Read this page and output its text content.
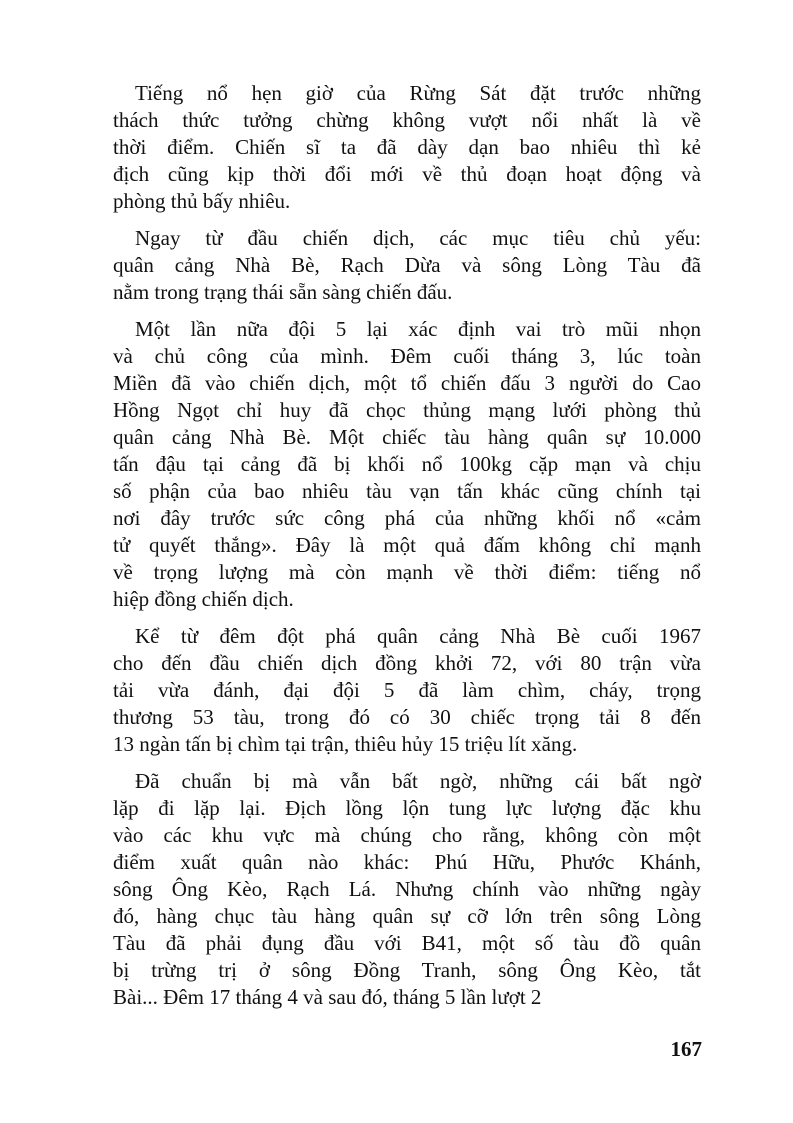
Tiếng nổ hẹn giờ của Rừng Sát đặt trước những
thách thức tưởng chừng không vượt nổi nhất là về
thời điểm. Chiến sĩ ta đã dày dạn bao nhiêu thì kẻ
địch cũng kịp thời đổi mới về thủ đoạn hoạt động và
phòng thủ bấy nhiêu.
Ngay từ đầu chiến dịch, các mục tiêu chủ yếu:
quân cảng Nhà Bè, Rạch Dừa và sông Lòng Tàu đã
nằm trong trạng thái sẵn sàng chiến đấu.
Một lần nữa đội 5 lại xác định vai trò mũi nhọn
và chủ công của mình. Đêm cuối tháng 3, lúc toàn
Miền đã vào chiến dịch, một tổ chiến đấu 3 người do Cao
Hồng Ngọt chỉ huy đã chọc thủng mạng lưới phòng thủ
quân cảng Nhà Bè. Một chiếc tàu hàng quân sự 10.000
tấn đậu tại cảng đã bị khối nổ 100kg cặp mạn và chịu
số phận của bao nhiêu tàu vạn tấn khác cũng chính tại
nơi đây trước sức công phá của những khối nổ «cảm
tử quyết thắng». Đây là một quả đấm không chỉ mạnh
về trọng lượng mà còn mạnh về thời điểm: tiếng nổ
hiệp đồng chiến dịch.
Kể từ đêm đột phá quân cảng Nhà Bè cuối 1967
cho đến đầu chiến dịch đồng khởi 72, với 80 trận vừa
tải vừa đánh, đại đội 5 đã làm chìm, cháy, trọng
thương 53 tàu, trong đó có 30 chiếc trọng tải 8 đến
13 ngàn tấn bị chìm tại trận, thiêu hủy 15 triệu lít xăng.
Đã chuẩn bị mà vẫn bất ngờ, những cái bất ngờ
lặp đi lặp lại. Địch lồng lộn tung lực lượng đặc khu
vào các khu vực mà chúng cho rằng, không còn một
điểm xuất quân nào khác: Phú Hữu, Phước Khánh,
sông Ông Kèo, Rạch Lá. Nhưng chính vào những ngày
đó, hàng chục tàu hàng quân sự cỡ lớn trên sông Lòng
Tàu đã phải đụng đầu với B41, một số tàu đồ quân
bị trừng trị ở sông Đồng Tranh, sông Ông Kèo, tắt
Bài... Đêm 17 tháng 4 và sau đó, tháng 5 lần lượt 2
167
